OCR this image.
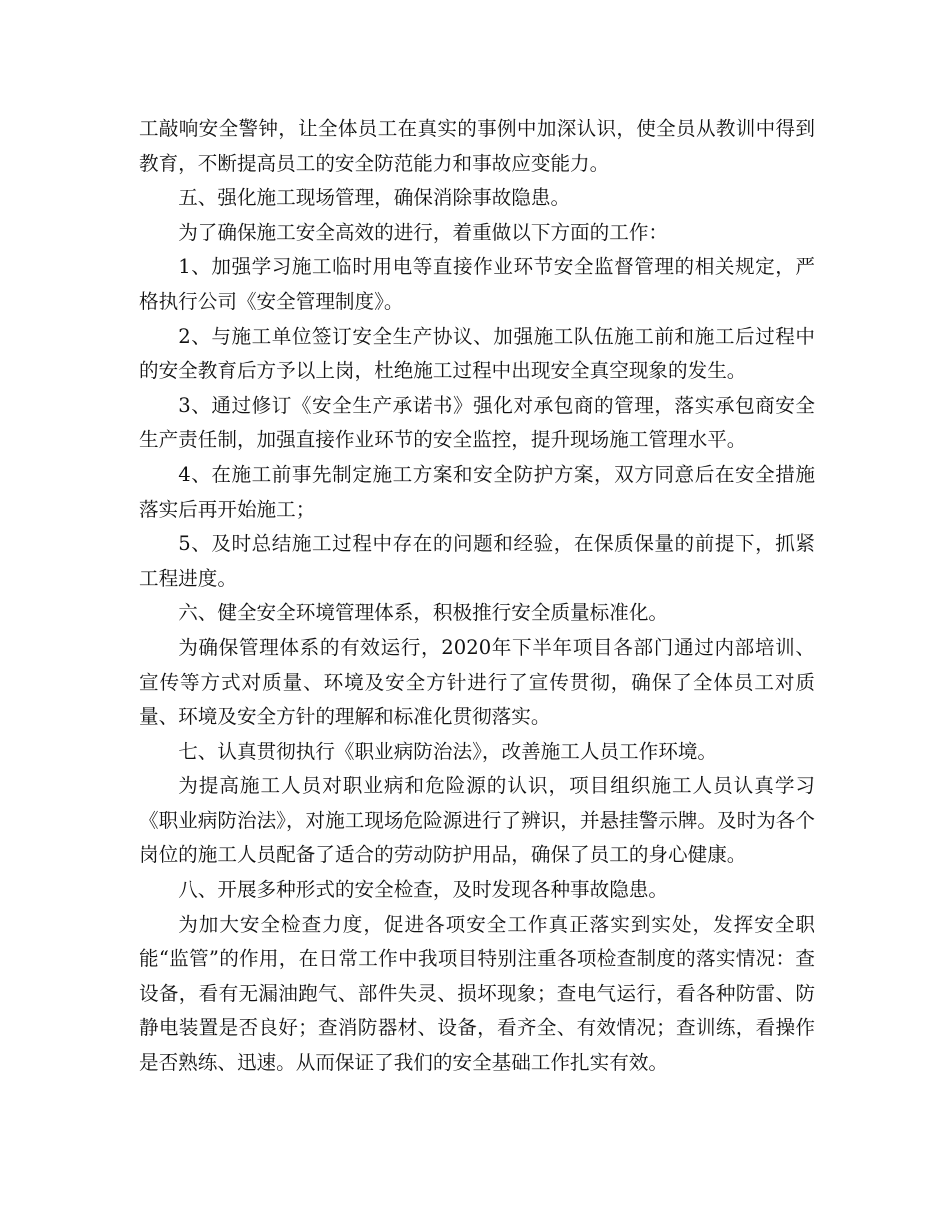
工敲响安全警钟，让全体员工在真实的事例中加深认识，使全员从教训中得到教育，不断提高员工的安全防范能力和事故应变能力。

五、强化施工现场管理，确保消除事故隐患。

为了确保施工安全高效的进行，着重做以下方面的工作：

1、加强学习施工临时用电等直接作业环节安全监督管理的相关规定，严格执行公司《安全管理制度》。

2、与施工单位签订安全生产协议、加强施工队伍施工前和施工后过程中的安全教育后方予以上岗，杜绝施工过程中出现安全真空现象的发生。

3、通过修订《安全生产承诺书》强化对承包商的管理，落实承包商安全生产责任制，加强直接作业环节的安全监控，提升现场施工管理水平。

4、在施工前事先制定施工方案和安全防护方案，双方同意后在安全措施落实后再开始施工；

5、及时总结施工过程中存在的问题和经验，在保质保量的前提下，抓紧工程进度。

六、健全安全环境管理体系，积极推行安全质量标准化。

为确保管理体系的有效运行，2020年下半年项目各部门通过内部培训、宣传等方式对质量、环境及安全方针进行了宣传贯彻，确保了全体员工对质量、环境及安全方针的理解和标准化贯彻落实。

七、认真贯彻执行《职业病防治法》，改善施工人员工作环境。

为提高施工人员对职业病和危险源的认识，项目组织施工人员认真学习《职业病防治法》，对施工现场危险源进行了辨识，并悬挂警示牌。及时为各个岗位的施工人员配备了适合的劳动防护用品，确保了员工的身心健康。

八、开展多种形式的安全检查，及时发现各种事故隐患。

为加大安全检查力度，促进各项安全工作真正落实到实处，发挥安全职能“监管”的作用，在日常工作中我项目特别注重各项检查制度的落实情况：查设备，看有无漏油跑气、部件失灵、损坏现象；查电气运行，看各种防雷、防静电装置是否良好；查消防器材、设备，看齐全、有效情况；查训练，看操作是否熟练、迅速。从而保证了我们的安全基础工作扎实有效。
